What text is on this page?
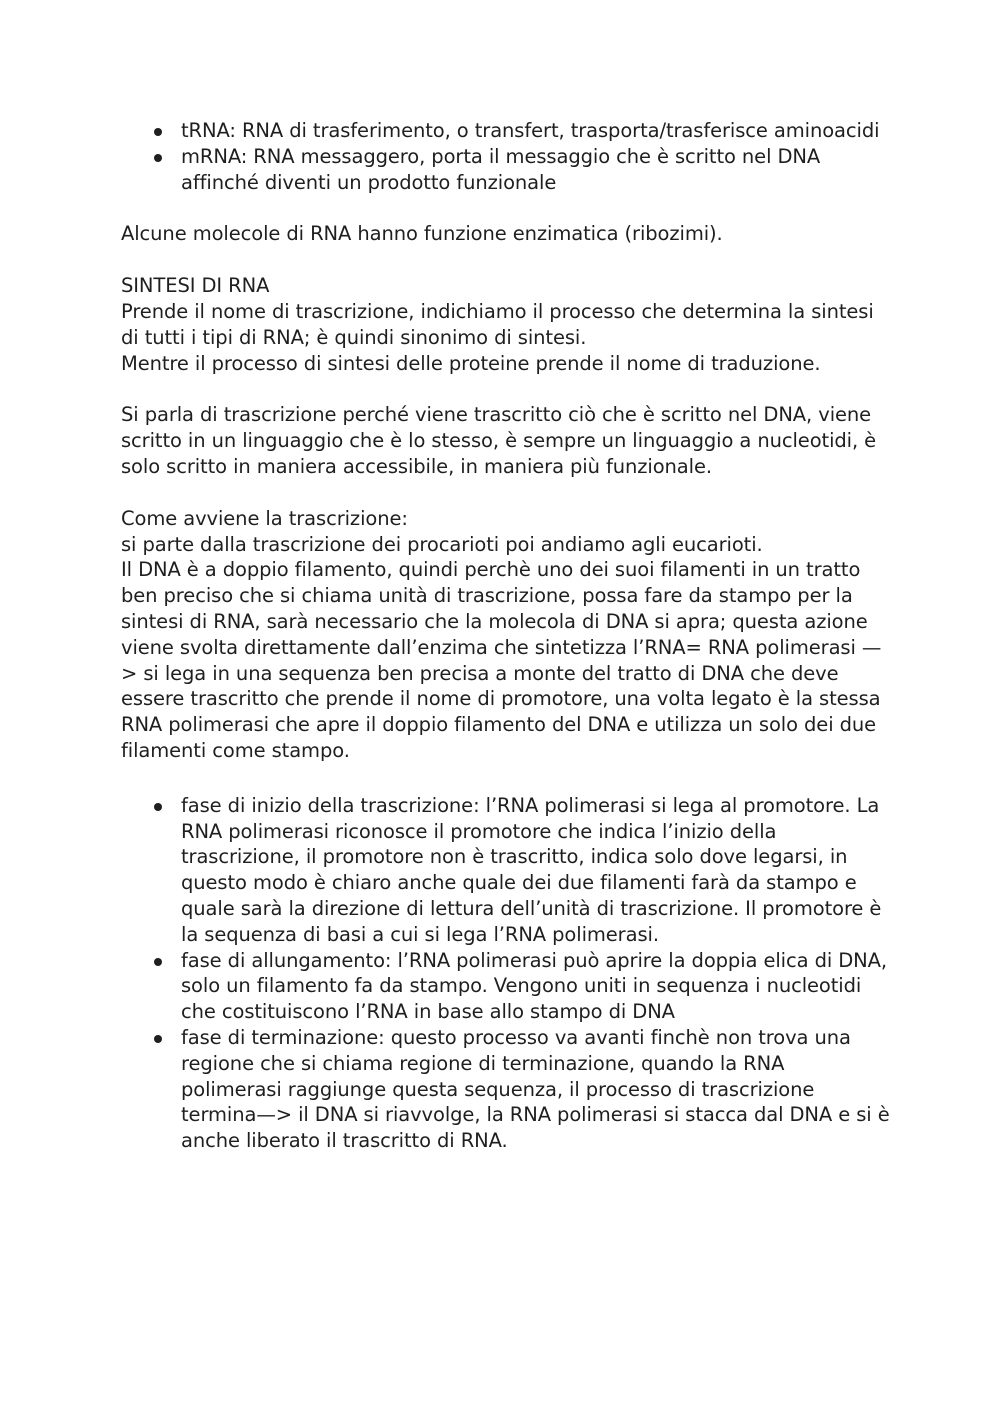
tRNA: RNA di trasferimento, o transfert, trasporta/trasferisce aminoacidi
mRNA: RNA messaggero, porta il messaggio che è scritto nel DNA affinché diventi un prodotto funzionale

Alcune molecole di RNA hanno funzione enzimatica (ribozimi).

SINTESI DI RNA

Prende il nome di trascrizione, indichiamo il processo che determina la sintesi di tutti i tipi di RNA; è quindi sinonimo di sintesi.

Mentre il processo di sintesi delle proteine prende il nome di traduzione.

Si parla di trascrizione perché viene trascritto ciò che è scritto nel DNA, viene scritto in un linguaggio che è lo stesso, è sempre un linguaggio a nucleotidi, è solo scritto in maniera accessibile, in maniera più funzionale.

Come avviene la trascrizione:

si parte dalla trascrizione dei procarioti poi andiamo agli eucarioti.

Il DNA è a doppio filamento, quindi perchè uno dei suoi filamenti in un tratto ben preciso che si chiama unità di trascrizione, possa fare da stampo per la sintesi di RNA, sarà necessario che la molecola di DNA si apra; questa azione viene svolta direttamente dall’enzima che sintetizza l’RNA= RNA polimerasi —> si lega in una sequenza ben precisa a monte del tratto di DNA che deve essere trascritto che prende il nome di promotore, una volta legato è la stessa RNA polimerasi che apre il doppio filamento del DNA e utilizza un solo dei due filamenti come stampo.

fase di inizio della trascrizione: l’RNA polimerasi si lega al promotore. La RNA polimerasi riconosce il promotore che indica l’inizio della trascrizione, il promotore non è trascritto, indica solo dove legarsi, in questo modo è chiaro anche quale dei due filamenti farà da stampo e quale sarà la direzione di lettura dell’unità di trascrizione. Il promotore è la sequenza di basi a cui si lega l’RNA polimerasi.
fase di allungamento: l’RNA polimerasi può aprire la doppia elica di DNA, solo un filamento fa da stampo. Vengono uniti in sequenza i nucleotidi che costituiscono l’RNA in base allo stampo di DNA
fase di terminazione: questo processo va avanti finchè non trova una regione che si chiama regione di terminazione, quando la RNA polimerasi raggiunge questa sequenza, il processo di trascrizione termina—> il DNA si riavvolge, la RNA polimerasi si stacca dal DNA e si è anche liberato il trascritto di RNA.
